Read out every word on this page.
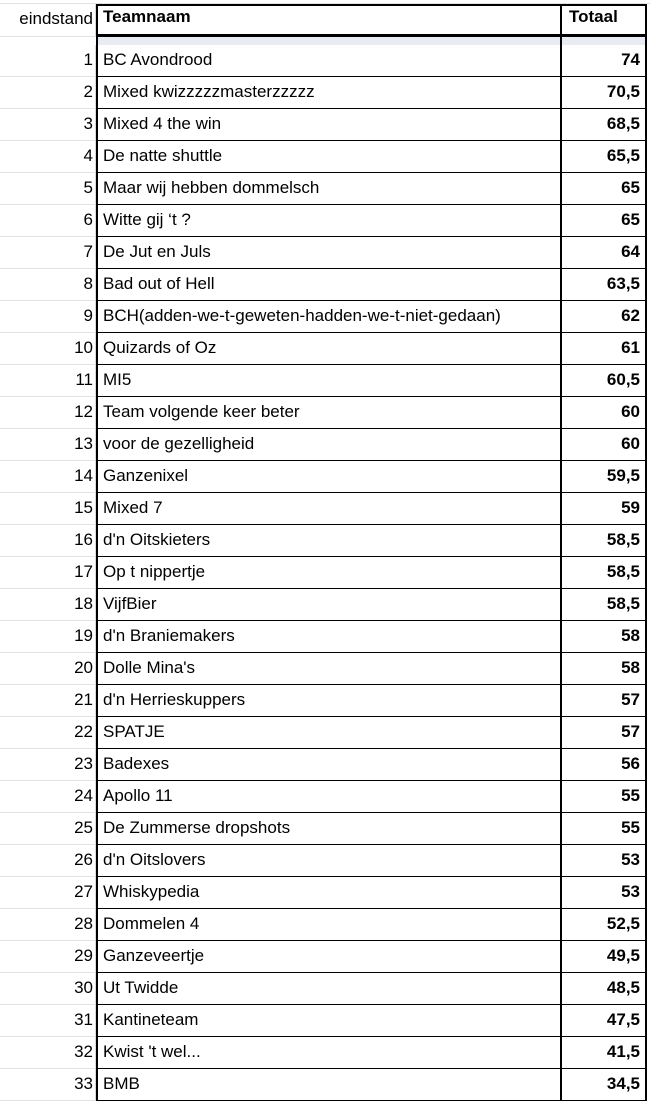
eindstand Teamnaam	Totaal
1 BC Avondrood	74
2 Mixed kwizzzzzmasterzzzzz	70,5
3 Mixed 4 the win	68,5
4 De natte shuttle	65,5
5 Maar wij hebben dommelsch	65
6 Witte gij ‘t ?	65
7 De Jut en Juls	64
8 Bad out of Hell	63,5
9 BCH(adden-we-t-geweten-hadden-we-t-niet-gedaan)	62
10 Quizards of Oz	61
11 MI5	60,5
12 Team volgende keer beter	60
13 voor de gezelligheid	60
14 Ganzenixel	59,5
15 Mixed 7	59
16 d'n Oitskieters	58,5
17 Op t nippertje	58,5
18 VijfBier	58,5
19 d'n Braniemakers	58
20 Dolle Mina's	58
21 d'n Herrieskuppers	57
22 SPATJE	57
23 Badexes	56
24 Apollo 11	55
25 De Zummerse dropshots	55
26 d'n Oitslovers	53
27 Whiskypedia	53
28 Dommelen 4	52,5
29 Ganzeveertje	49,5
30 Ut Twidde	48,5
31 Kantineteam	47,5
32 Kwist 't wel...	41,5
33 BMB	34,5
